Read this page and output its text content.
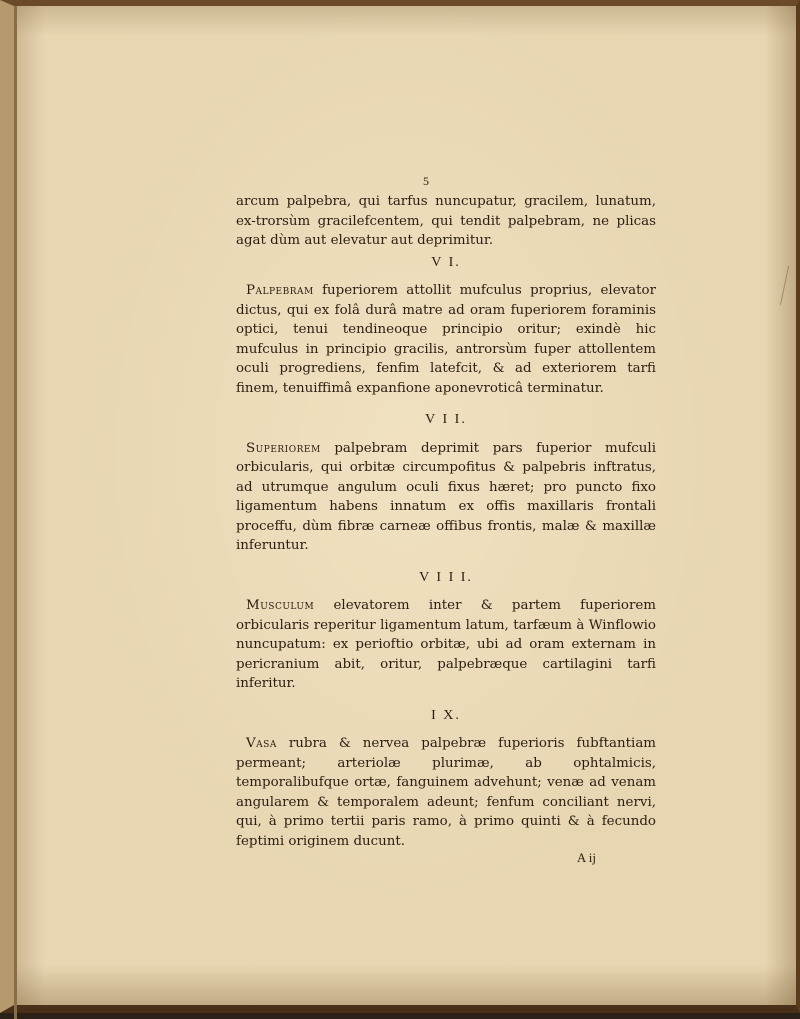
5

arcum palpebra, qui tarfus nuncupatur, gracilem, lunatum, ex-trorsùm gracilefcentem, qui tendit palpebram, ne plicas agat dùm aut elevatur aut deprimitur.

V I.

Palpebram fuperiorem attollit mufculus proprius, elevator dictus, qui ex folâ durâ matre ad oram fuperiorem foraminis optici, tenui tendineoque principio oritur; exindè hic mufculus in principio gracilis, antrorsùm fuper attollentem oculi progrediens, fenfim latefcit, & ad exteriorem tarfi finem, tenuiffimâ expanfione aponevroticâ terminatur.

V I I.

Superiorem palpebram deprimit pars fuperior mufculi orbicularis, qui orbitæ circumpofitus & palpebris inftratus, ad utrumque angulum oculi fixus hæret; pro puncto fixo ligamentum habens innatum ex offis maxillaris frontali proceffu, dùm fibræ carneæ offibus frontis, malæ & maxillæ inferuntur.

V I I I.

Musculum elevatorem inter & partem fuperiorem orbicularis reperitur ligamentum latum, tarfæum à Winflowio nuncupatum: ex perioftio orbitæ, ubi ad oram externam in pericranium abit, oritur, palpebræque cartilagini tarfi inferitur.

I X.

Vasa rubra & nervea palpebræ fuperioris fubftantiam permeant; arteriolæ plurimæ, ab ophtalmicis, temporalibufque ortæ, fanguinem advehunt; venæ ad venam angularem & temporalem adeunt; fenfum conciliant nervi, qui, à primo tertii paris ramo, à primo quinti & à fecundo feptimi originem ducunt.

A ij
